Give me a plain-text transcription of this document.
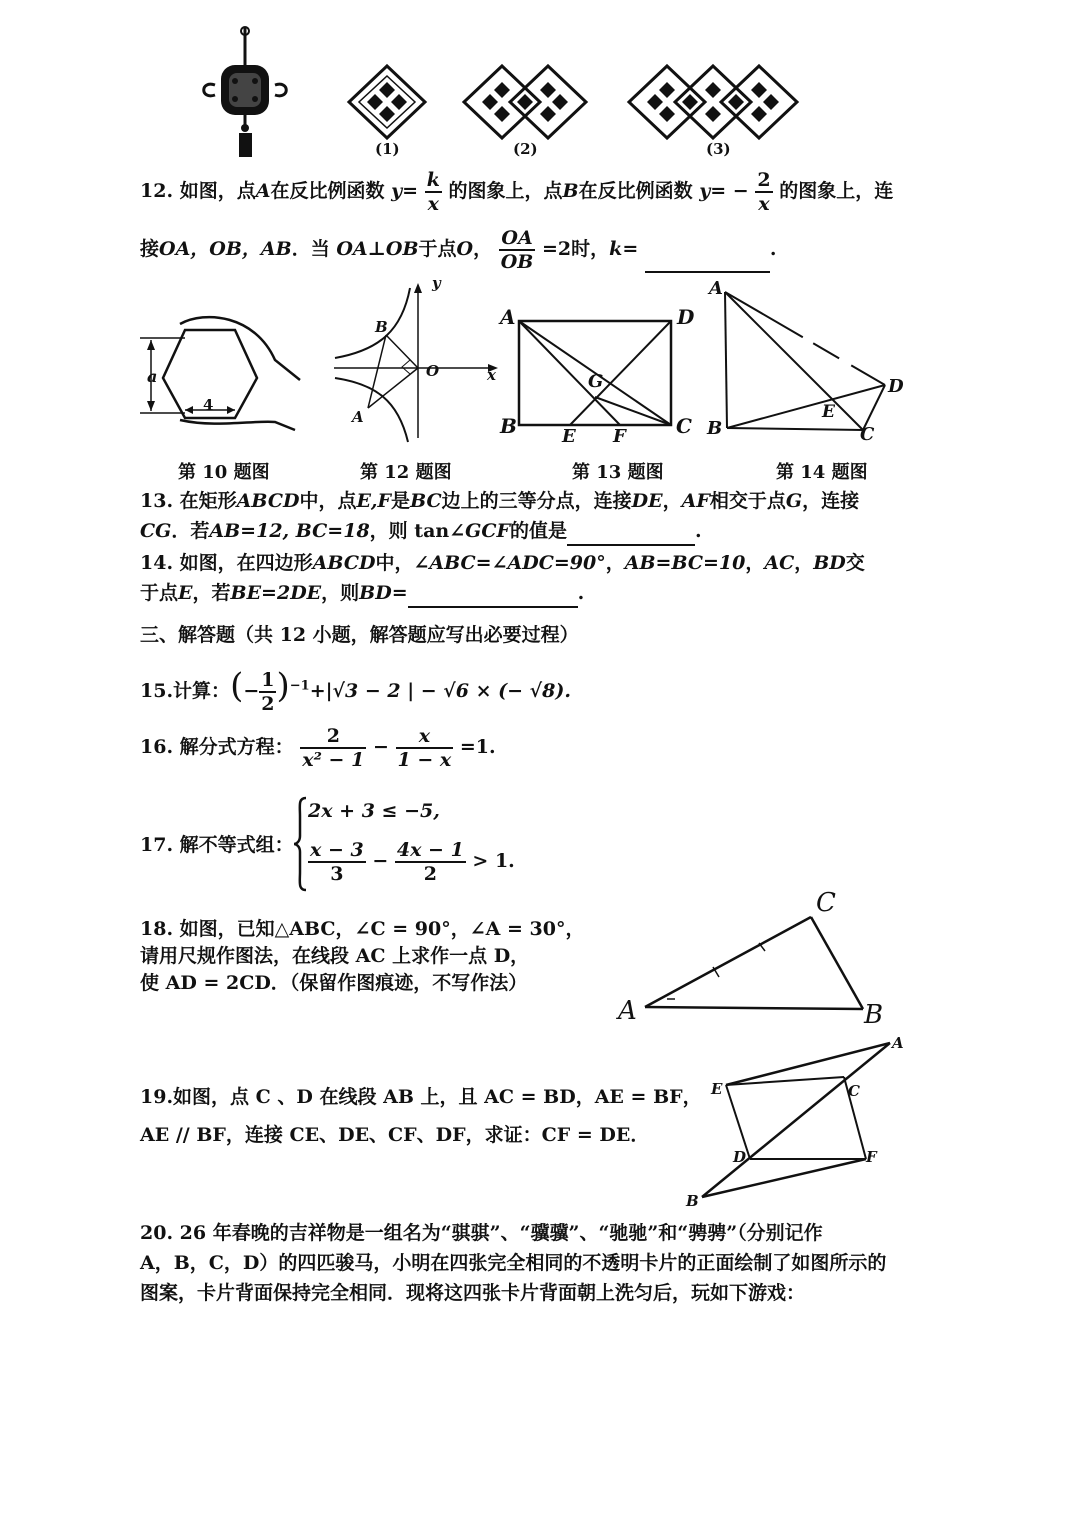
(1)	(2)	(3)
12. 如图，点A在反比例函数 $y= \frac{k}{x}$ 的图象上，点B在反比例函数 $y= - \frac{2}{x}$ 的图象上，连
接OA，OB，AB．当 OA⊥OB于点O， $\frac{OA}{OB} =2$时，k=	.
a
4
第 10 题图
y
x
B
O
A
第 12 题图
A	D
G
B	E F	C
第 13 题图
A
D
E
B	C
第 14 题图
13. 在矩形ABCD中，点E,F是BC边上的三等分点，连接DE，AF相交于点G，连接
CG．若AB=12, BC=18，则 tan∠GCF的值是	.
14. 如图，在四边形ABCD中，∠ABC=∠ADC=90°，AB=BC=10，AC，BD交
于点E，若BE=2DE，则BD=	.
三、解答题（共 12 小题，解答题应写出必要过程）
15.计算：(− $\frac{1}{2} )^{-1}+|√3 - 2$ | − √6 × (− √8).
16. 解分式方程： $\frac{2}{\text{x² − 1}} - \frac{x}{1 - x} =1$.
17. 解不等式组：
2x + 3 ≤ −5,
$\frac{x - 3}{3} - \frac{4x - 1}{2} > 1$.
18. 如图，已知△ABC，∠C = 90°，∠A = 30°，
请用尺规作图法，在线段 AC 上求作一点 D，
使 AD = 2CD．（保留作图痕迹，不写作法）
A	B
C
19.如图，点 C 、D 在线段 AB 上，且 AC = BD，AE = BF，
AE // BF，连接 CE、DE、CF、DF，求证：CF = DE．
A
E	C
D	F
B
20. 26 年春晚的吉祥物是一组名为“骐骐”、“骥骥”、“驰驰”和“骋骋”（分别记作
A，B，C，D）的四匹骏马，小明在四张完全相同的不透明卡片的正面绘制了如图所示的
图案，卡片背面保持完全相同．现将这四张卡片背面朝上洗匀后，玩如下游戏：
